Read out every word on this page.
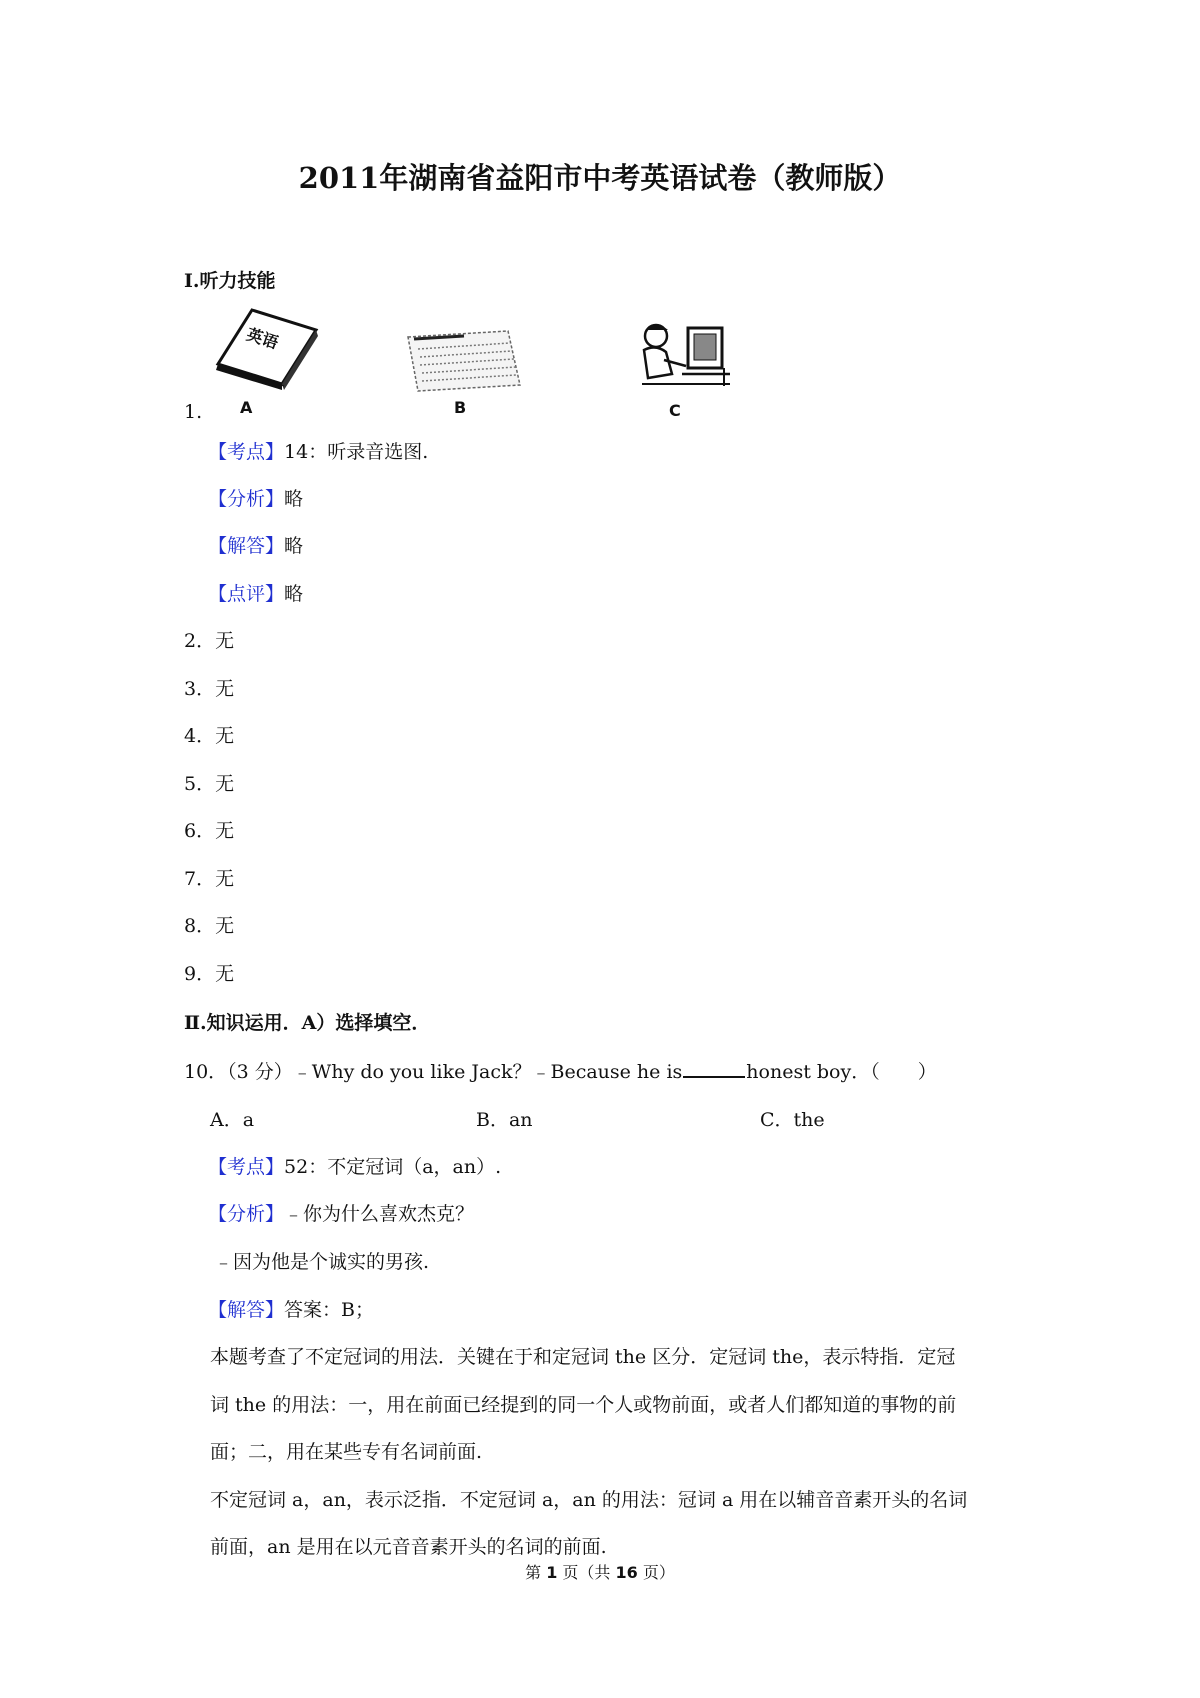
2011年湖南省益阳市中考英语试卷（教师版）
Ⅰ.听力技能
英语
A	B	C
1.
【考点】14：听录音选图.
【分析】略
【解答】略
【点评】略
2．无
3．无
4．无
5．无
6．无
7．无
8．无
9．无
Ⅱ.知识运用．A）选择填空．
10．（3 分）﹣Why do you like Jack？﹣Because he is	honest boy．（　　）
A．a	B．an	C．the
【考点】52：不定冠词（a，an）.
【分析】﹣你为什么喜欢杰克？
﹣因为他是个诚实的男孩.
【解答】答案：B；
本题考查了不定冠词的用法．关键在于和定冠词 the 区分．定冠词 the，表示特指．定冠
词 the 的用法：一，用在前面已经提到的同一个人或物前面，或者人们都知道的事物的前
面；二，用在某些专有名词前面.
不定冠词 a，an，表示泛指．不定冠词 a，an 的用法：冠词 a 用在以辅音音素开头的名词
前面，an 是用在以元音音素开头的名词的前面.
第 1 页（共 16 页）
